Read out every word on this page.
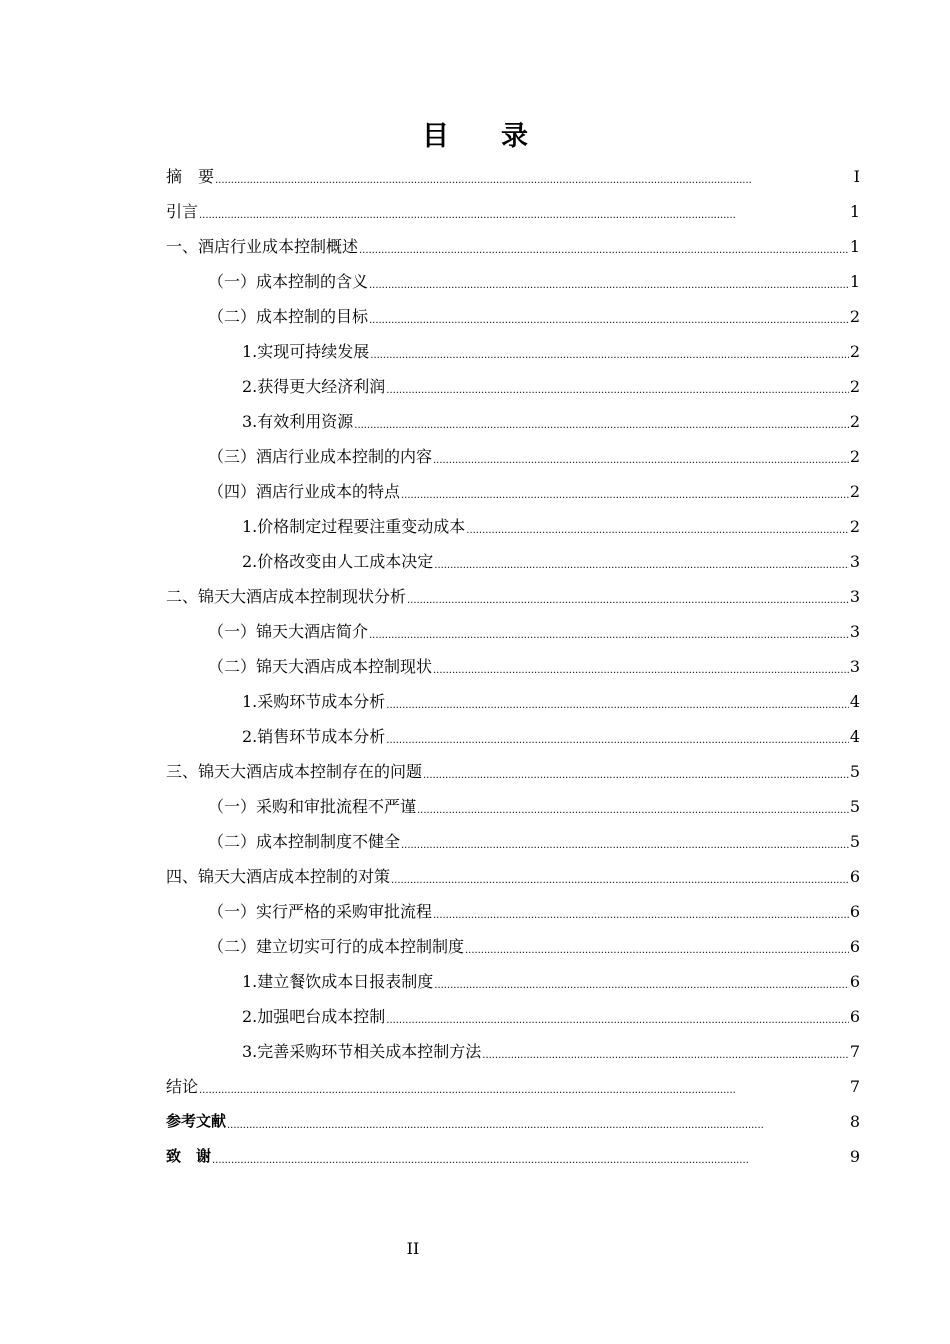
目 录
摘　要 . . .	I
引言 . . .	1
一、酒店行业成本控制概述 . . .	1
（一）成本控制的含义 . . .	1
（二）成本控制的目标 . . .	2
1.实现可持续发展 . . .	2
2.获得更大经济利润 . . .	2
3.有效利用资源 . . .	2
（三）酒店行业成本控制的内容 . . .	2
（四）酒店行业成本的特点 . . .	2
1.价格制定过程要注重变动成本 . . .	2
2.价格改变由人工成本决定 . . .	3
二、锦天大酒店成本控制现状分析 . . .	3
（一）锦天大酒店简介 . . .	3
（二）锦天大酒店成本控制现状 . . .	3
1.采购环节成本分析 . . .	4
2.销售环节成本分析 . . .	4
三、锦天大酒店成本控制存在的问题 . . .	5
（一）采购和审批流程不严谨 . . .	5
（二）成本控制制度不健全 . . .	5
四、锦天大酒店成本控制的对策 . . .	6
（一）实行严格的采购审批流程 . . .	6
（二）建立切实可行的成本控制制度 . . .	6
1.建立餐饮成本日报表制度 . . .	6
2.加强吧台成本控制 . . .	6
3.完善采购环节相关成本控制方法 . . .	7
结论 . . .	7
参考文献 . . .	8
致　谢 . . .	9
II
